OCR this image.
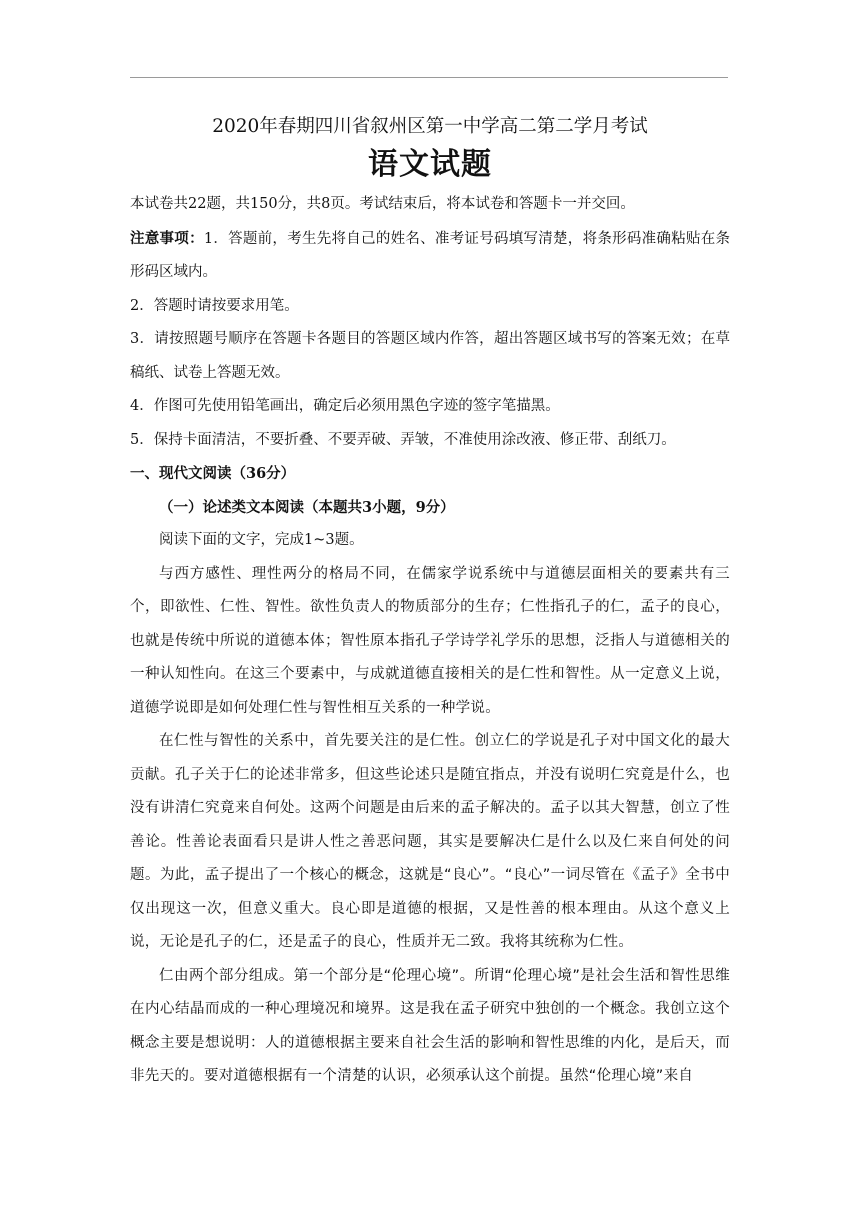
2020年春期四川省叙州区第一中学高二第二学月考试
语文试题

本试卷共22题，共150分，共8页。考试结束后，将本试卷和答题卡一并交回。

注意事项：1．答题前，考生先将自己的姓名、准考证号码填写清楚，将条形码准确粘贴在条形码区域内。

2．答题时请按要求用笔。

3．请按照题号顺序在答题卡各题目的答题区域内作答，超出答题区域书写的答案无效；在草稿纸、试卷上答题无效。

4．作图可先使用铅笔画出，确定后必须用黑色字迹的签字笔描黑。

5．保持卡面清洁，不要折叠、不要弄破、弄皱，不准使用涂改液、修正带、刮纸刀。

一、现代文阅读（36分）

（一）论述类文本阅读（本题共3小题，9分）

阅读下面的文字，完成1~3题。

与西方感性、理性两分的格局不同，在儒家学说系统中与道德层面相关的要素共有三个，即欲性、仁性、智性。欲性负责人的物质部分的生存；仁性指孔子的仁，孟子的良心，也就是传统中所说的道德本体；智性原本指孔子学诗学礼学乐的思想，泛指人与道德相关的一种认知性向。在这三个要素中，与成就道德直接相关的是仁性和智性。从一定意义上说，道德学说即是如何处理仁性与智性相互关系的一种学说。

在仁性与智性的关系中，首先要关注的是仁性。创立仁的学说是孔子对中国文化的最大贡献。孔子关于仁的论述非常多，但这些论述只是随宜指点，并没有说明仁究竟是什么，也没有讲清仁究竟来自何处。这两个问题是由后来的孟子解决的。孟子以其大智慧，创立了性善论。性善论表面看只是讲人性之善恶问题，其实是要解决仁是什么以及仁来自何处的问题。为此，孟子提出了一个核心的概念，这就是“良心”。“良心”一词尽管在《孟子》全书中仅出现这一次，但意义重大。良心即是道德的根据，又是性善的根本理由。从这个意义上说，无论是孔子的仁，还是孟子的良心，性质并无二致。我将其统称为仁性。

仁由两个部分组成。第一个部分是“伦理心境”。所谓“伦理心境”是社会生活和智性思维在内心结晶而成的一种心理境况和境界。这是我在孟子研究中独创的一个概念。我创立这个概念主要是想说明：人的道德根据主要来自社会生活的影响和智性思维的内化，是后天，而非先天的。要对道德根据有一个清楚的认识，必须承认这个前提。虽然“伦理心境”来自
